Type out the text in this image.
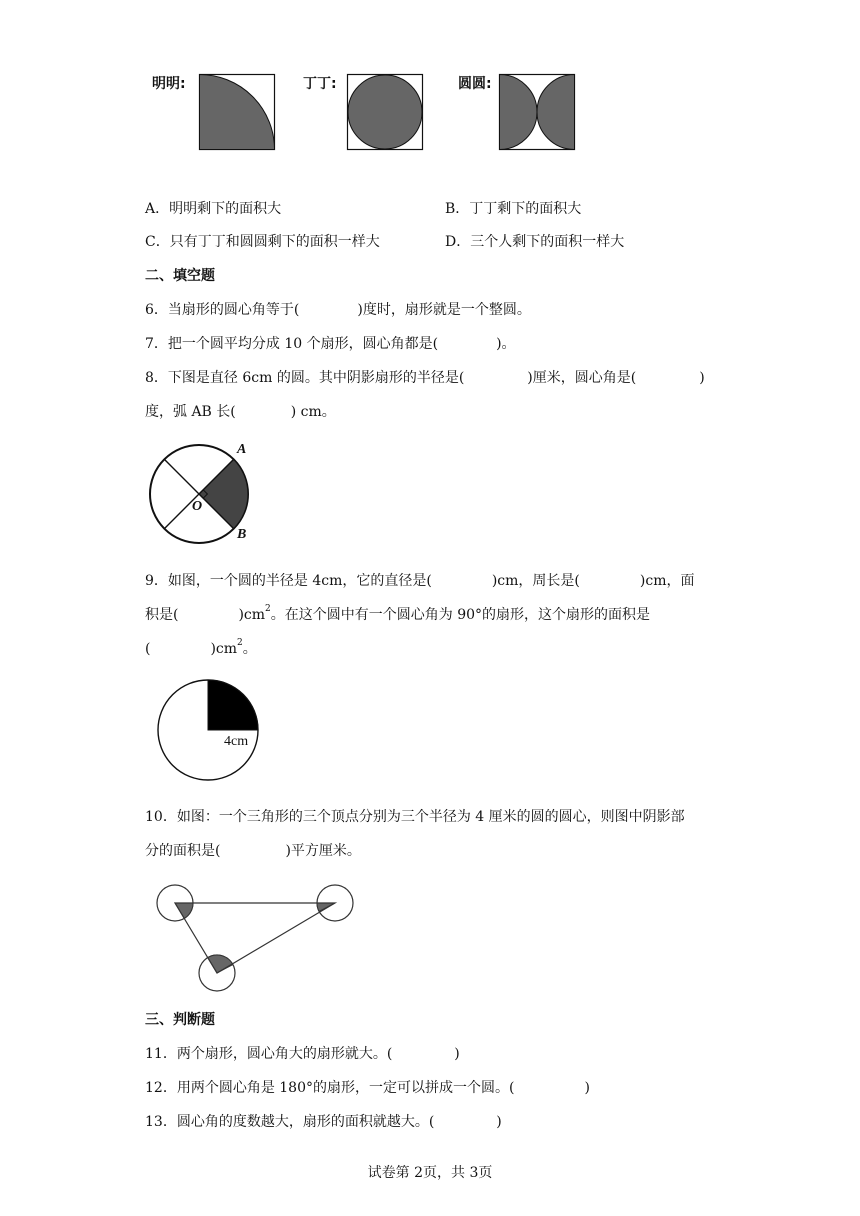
明明:	丁丁:	圆圆:
A．明明剩下的面积大	B．丁丁剩下的面积大
C．只有丁丁和圆圆剩下的面积一样大	D．三个人剩下的面积一样大
二、填空题
6．当扇形的圆心角等于(	)度时，扇形就是一个整圆。
7．把一个圆平均分成 10 个扇形，圆心角都是(	)。
8．下图是直径 6cm 的圆。其中阴影扇形的半径是(	)厘米，圆心角是(	)
度，弧 AB 长(	) cm。
A
B
O
9．如图，一个圆的半径是 4cm，它的直径是(	)cm，周长是(	)cm，面
积是(	)$cm^2$。在这个圆中有一个圆心角为 90°的扇形，这个扇形的面积是
(	)$cm^2$。
4cm
10．如图：一个三角形的三个顶点分别为三个半径为 4 厘米的圆的圆心，则图中阴影部
分的面积是(	)平方厘米。
三、判断题
11．两个扇形，圆心角大的扇形就大。(	)
12．用两个圆心角是 180°的扇形，一定可以拼成一个圆。(	)
13．圆心角的度数越大，扇形的面积就越大。(	)
试卷第 2页，共 3页
